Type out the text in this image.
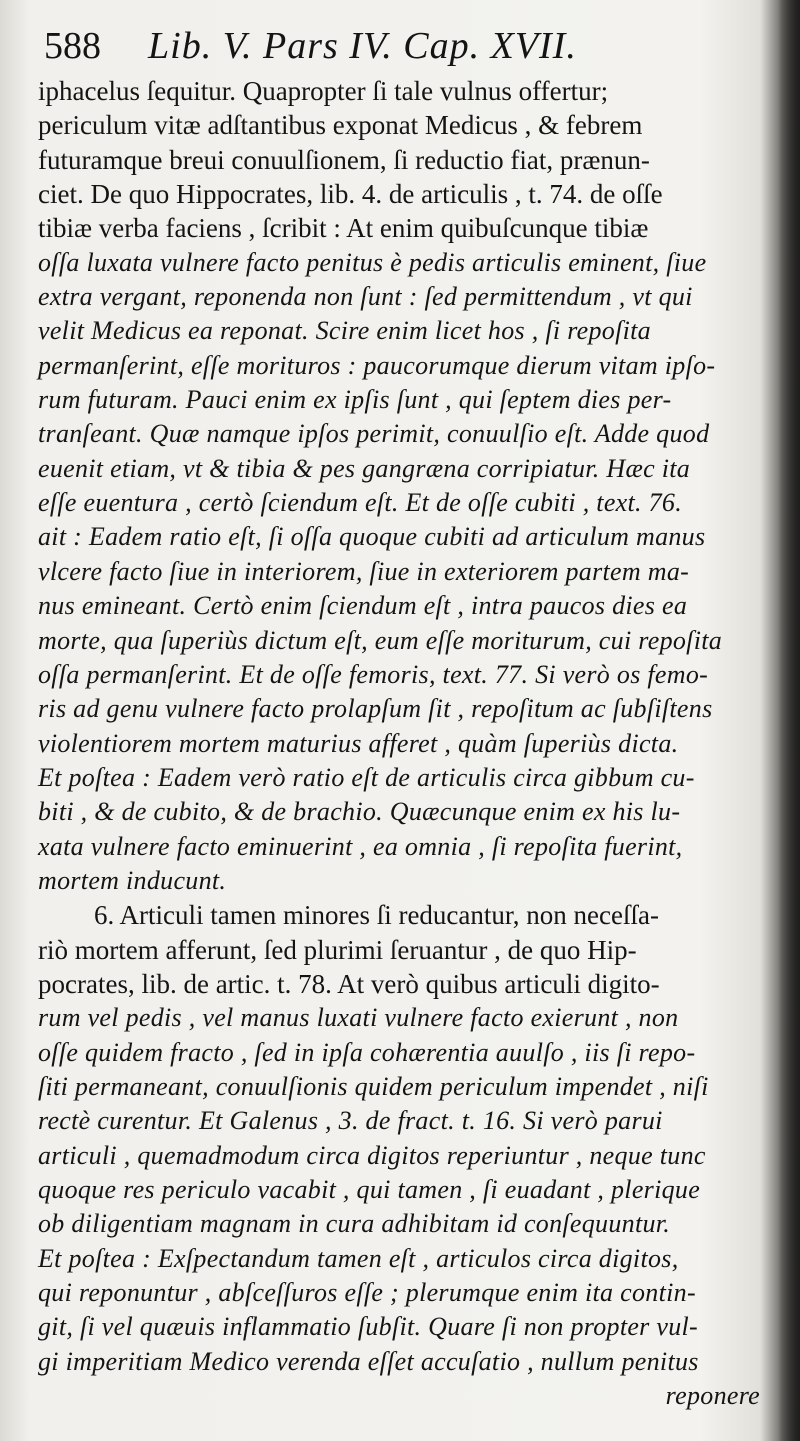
588 Lib. V. Pars IV. Cap. XVII.
iphacelus ſequitur. Quapropter ſi tale vulnus offertur;
periculum vitæ adſtantibus exponat Medicus , & febrem
futuramque breui conuulſionem, ſi reductio fiat, prænun-
ciet. De quo Hippocrates, lib. 4. de articulis , t. 74. de oſſe
tibiæ verba faciens , ſcribit : At enim quibuſcunque tibiæ
oſſa luxata vulnere facto penitus è pedis articulis eminent, ſiue
extra vergant, reponenda non ſunt : ſed permittendum , vt qui
velit Medicus ea reponat. Scire enim licet hos , ſi repoſita
permanſerint, eſſe morituros : paucorumque dierum vitam ipſo-
rum futuram. Pauci enim ex ipſis ſunt , qui ſeptem dies per-
tranſeant. Quæ namque ipſos perimit, conuulſio eſt. Adde quod
euenit etiam, vt & tibia & pes gangræna corripiatur. Hæc ita
eſſe euentura , certò ſciendum eſt. Et de oſſe cubiti , text. 76.
ait : Eadem ratio eſt, ſi oſſa quoque cubiti ad articulum manus
vlcere facto ſiue in interiorem, ſiue in exteriorem partem ma-
nus emineant. Certò enim ſciendum eſt , intra paucos dies ea
morte, qua ſuperiùs dictum eſt, eum eſſe moriturum, cui repoſita
oſſa permanſerint. Et de oſſe femoris, text. 77. Si verò os femo-
ris ad genu vulnere facto prolapſum ſit , repoſitum ac ſubſiſtens
violentiorem mortem maturius afferet , quàm ſuperiùs dicta.
Et poſtea : Eadem verò ratio eſt de articulis circa gibbum cu-
biti , & de cubito, & de brachio. Quæcunque enim ex his lu-
xata vulnere facto eminuerint , ea omnia , ſi repoſita fuerint,
mortem inducunt.
6. Articuli tamen minores ſi reducantur, non neceſſa-
riò mortem afferunt, ſed plurimi ſeruantur , de quo Hip-
pocrates, lib. de artic. t. 78. At verò quibus articuli digito-
rum vel pedis , vel manus luxati vulnere facto exierunt , non
oſſe quidem fracto , ſed in ipſa cohærentia auulſo , iis ſi repo-
ſiti permaneant, conuulſionis quidem periculum impendet , niſi
rectè curentur. Et Galenus , 3. de fract. t. 16. Si verò parui
articuli , quemadmodum circa digitos reperiuntur , neque tunc
quoque res periculo vacabit , qui tamen , ſi euadant , plerique
ob diligentiam magnam in cura adhibitam id conſequuntur.
Et poſtea : Exſpectandum tamen eſt , articulos circa digitos,
qui reponuntur , abſceſſuros eſſe ; plerumque enim ita contin-
git, ſi vel quæuis inflammatio ſubſit. Quare ſi non propter vul-
gi imperitiam Medico verenda eſſet accuſatio , nullum penitus
reponere
